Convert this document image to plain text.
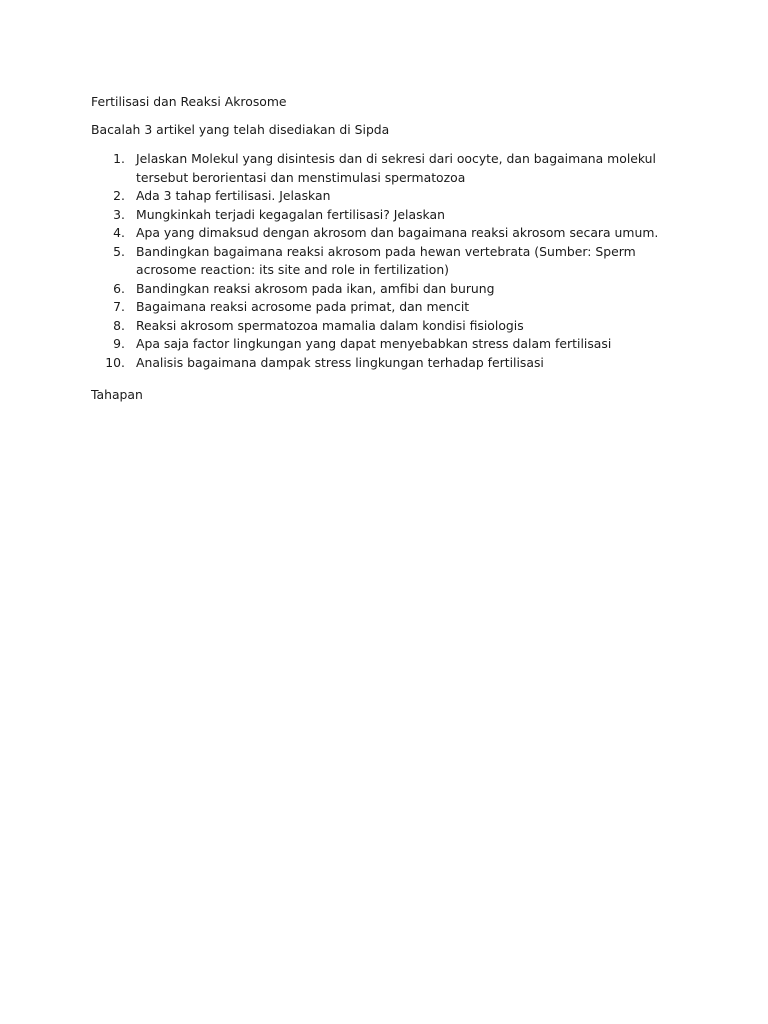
Fertilisasi dan Reaksi Akrosome

Bacalah 3 artikel yang telah disediakan di Sipda

1. Jelaskan Molekul yang disintesis dan di sekresi dari oocyte, dan bagaimana molekul tersebut berorientasi dan menstimulasi spermatozoa
2. Ada 3 tahap fertilisasi. Jelaskan
3. Mungkinkah terjadi kegagalan fertilisasi? Jelaskan
4. Apa yang dimaksud dengan akrosom dan bagaimana reaksi akrosom secara umum.
5. Bandingkan bagaimana reaksi akrosom pada hewan vertebrata (Sumber: Sperm acrosome reaction: its site and role in fertilization)
6. Bandingkan reaksi akrosom pada ikan, amfibi dan burung
7. Bagaimana reaksi acrosome pada primat, dan mencit
8. Reaksi akrosom spermatozoa mamalia dalam kondisi fisiologis
9. Apa saja factor lingkungan yang dapat menyebabkan stress dalam fertilisasi
10. Analisis bagaimana dampak stress lingkungan terhadap fertilisasi

Tahapan
